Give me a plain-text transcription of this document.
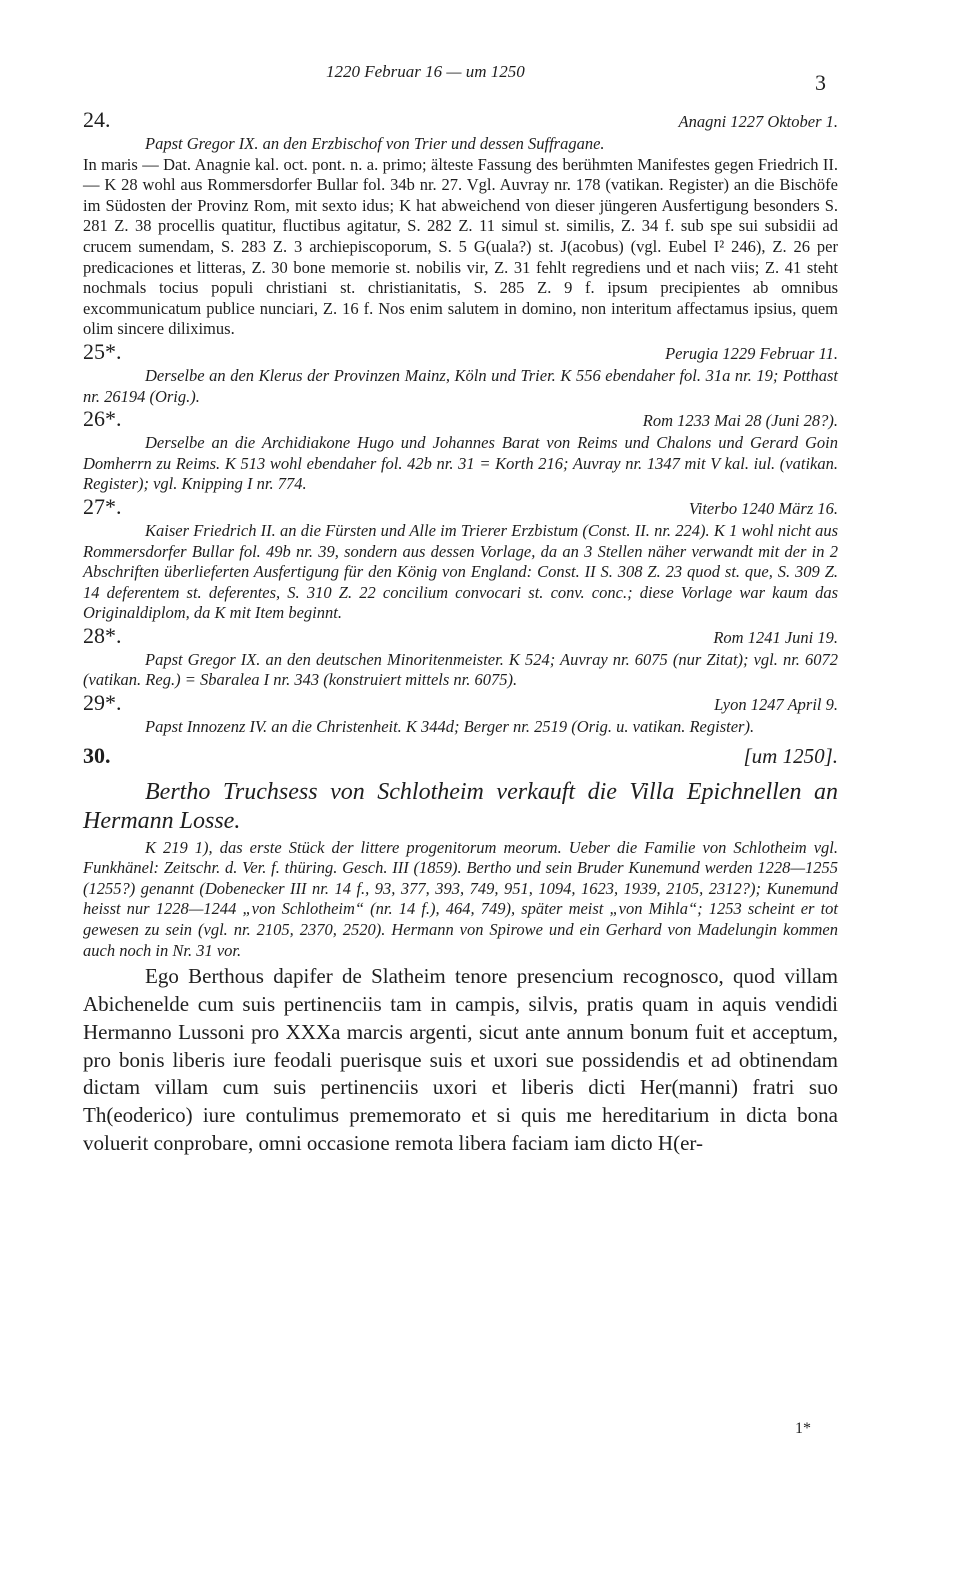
1220 Februar 16 — um 1250	3
24.	Anagni 1227 Oktober 1.

Papst Gregor IX. an den Erzbischof von Trier und dessen Suffragane.

In maris — Dat. Anagnie kal. oct. pont. n. a. primo; älteste Fassung des berühmten Manifestes gegen Friedrich II. — K 28 wohl aus Rommersdorfer Bullar fol. 34b nr. 27. Vgl. Auvray nr. 178 (vatikan. Register) an die Bischöfe im Südosten der Provinz Rom, mit sexto idus; K hat abweichend von dieser jüngeren Ausfertigung besonders S. 281 Z. 38 procellis quatitur, fluctibus agitatur, S. 282 Z. 11 simul st. similis, Z. 34 f. sub spe sui subsidii ad crucem sumendam, S. 283 Z. 3 archiepiscoporum, S. 5 G(uala?) st. J(acobus) (vgl. Eubel I² 246), Z. 26 per predicaciones et litteras, Z. 30 bone memorie st. nobilis vir, Z. 31 fehlt regrediens und et nach viis; Z. 41 steht nochmals tocius populi christiani st. christianitatis, S. 285 Z. 9 f. ipsum precipientes ab omnibus excommunicatum publice nunciari, Z. 16 f. Nos enim salutem in domino, non interitum affectamus ipsius, quem olim sincere diliximus.

25*.	Perugia 1229 Februar 11.

Derselbe an den Klerus der Provinzen Mainz, Köln und Trier. K 556 ebendaher fol. 31a nr. 19; Potthast nr. 26194 (Orig.).

26*.	Rom 1233 Mai 28 (Juni 28?).

Derselbe an die Archidiakone Hugo und Johannes Barat von Reims und Chalons und Gerard Goin Domherrn zu Reims. K 513 wohl ebendaher fol. 42b nr. 31 = Korth 216; Auvray nr. 1347 mit V kal. iul. (vatikan. Register); vgl. Knipping I nr. 774.

27*.	Viterbo 1240 März 16.

Kaiser Friedrich II. an die Fürsten und Alle im Trierer Erzbistum (Const. II. nr. 224). K 1 wohl nicht aus Rommersdorfer Bullar fol. 49b nr. 39, sondern aus dessen Vorlage, da an 3 Stellen näher verwandt mit der in 2 Abschriften überlieferten Ausfertigung für den König von England: Const. II S. 308 Z. 23 quod st. que, S. 309 Z. 14 deferentem st. deferentes, S. 310 Z. 22 concilium convocari st. conv. conc.; diese Vorlage war kaum das Originaldiplom, da K mit Item beginnt.

28*.	Rom 1241 Juni 19.

Papst Gregor IX. an den deutschen Minoritenmeister. K 524; Auvray nr. 6075 (nur Zitat); vgl. nr. 6072 (vatikan. Reg.) = Sbaralea I nr. 343 (konstruiert mittels nr. 6075).

29*.	Lyon 1247 April 9.

Papst Innozenz IV. an die Christenheit. K 344d; Berger nr. 2519 (Orig. u. vatikan. Register).

30.	[um 1250].
Bertho Truchsess von Schlotheim verkauft die Villa Epichnellen an Hermann Losse.

K 219 1), das erste Stück der littere progenitorum meorum. Ueber die Familie von Schlotheim vgl. Funkhänel: Zeitschr. d. Ver. f. thüring. Gesch. III (1859). Bertho und sein Bruder Kunemund werden 1228—1255 (1255?) genannt (Dobenecker III nr. 14 f., 93, 377, 393, 749, 951, 1094, 1623, 1939, 2105, 2312?); Kunemund heisst nur 1228—1244 „von Schlotheim“ (nr. 14 f.), 464, 749), später meist „von Mihla“; 1253 scheint er tot gewesen zu sein (vgl. nr. 2105, 2370, 2520). Hermann von Spirowe und ein Gerhard von Madelungin kommen auch noch in Nr. 31 vor.

Ego Berthous dapifer de Slatheim tenore presencium recognosco, quod villam Abichenelde cum suis pertinenciis tam in campis, silvis, pratis quam in aquis vendidi Hermanno Lussoni pro XXXa marcis argenti, sicut ante annum bonum fuit et acceptum, pro bonis liberis iure feodali puerisque suis et uxori sue possidendis et ad obtinendam dictam villam cum suis pertinenciis uxori et liberis dicti Her(manni) fratri suo Th(eoderico) iure contulimus prememorato et si quis me hereditarium in dicta bona voluerit conprobare, omni occasione remota libera faciam iam dicto H(er-

1*
